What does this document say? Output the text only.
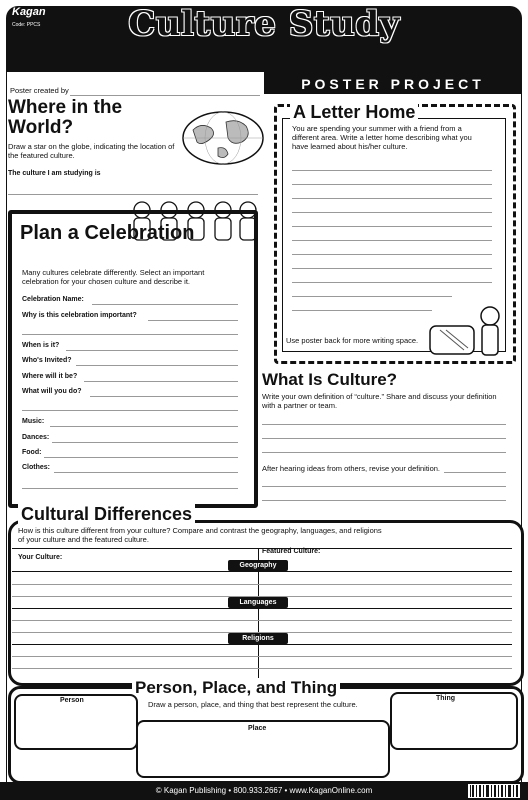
Kagan
Code: PPCS	Culture Study
POSTER PROJECT
Poster created by
Where in the World?
Draw a star on the globe, indicating the location of the featured culture.
The culture I am studying is
A Letter Home
You are spending your summer with a friend from a different area. Write a letter home describing what you have learned about his/her culture.
Use poster back for more writing space.
Plan a Celebration
Many cultures celebrate differently. Select an important celebration for your chosen culture and describe it.
Celebration Name:
Why is this celebration important?
When is it?
Who's Invited?
Where will it be?
What will you do?
Music:
Dances:
Food:
Clothes:
What Is Culture?
Write your own definition of “culture.” Share and discuss your definition with a partner or team.
After hearing ideas from others, revise your definition.
Cultural Differences
How is this culture different from your culture? Compare and contrast the geography, languages, and religions of your culture and the featured culture.
Your Culture:
Featured Culture:
Geography
Languages
Religions
Person, Place, and Thing
Draw a person, place, and thing that best represent the culture.
Person	Thing
Place
© Kagan Publishing • 800.933.2667 • www.KaganOnline.com
